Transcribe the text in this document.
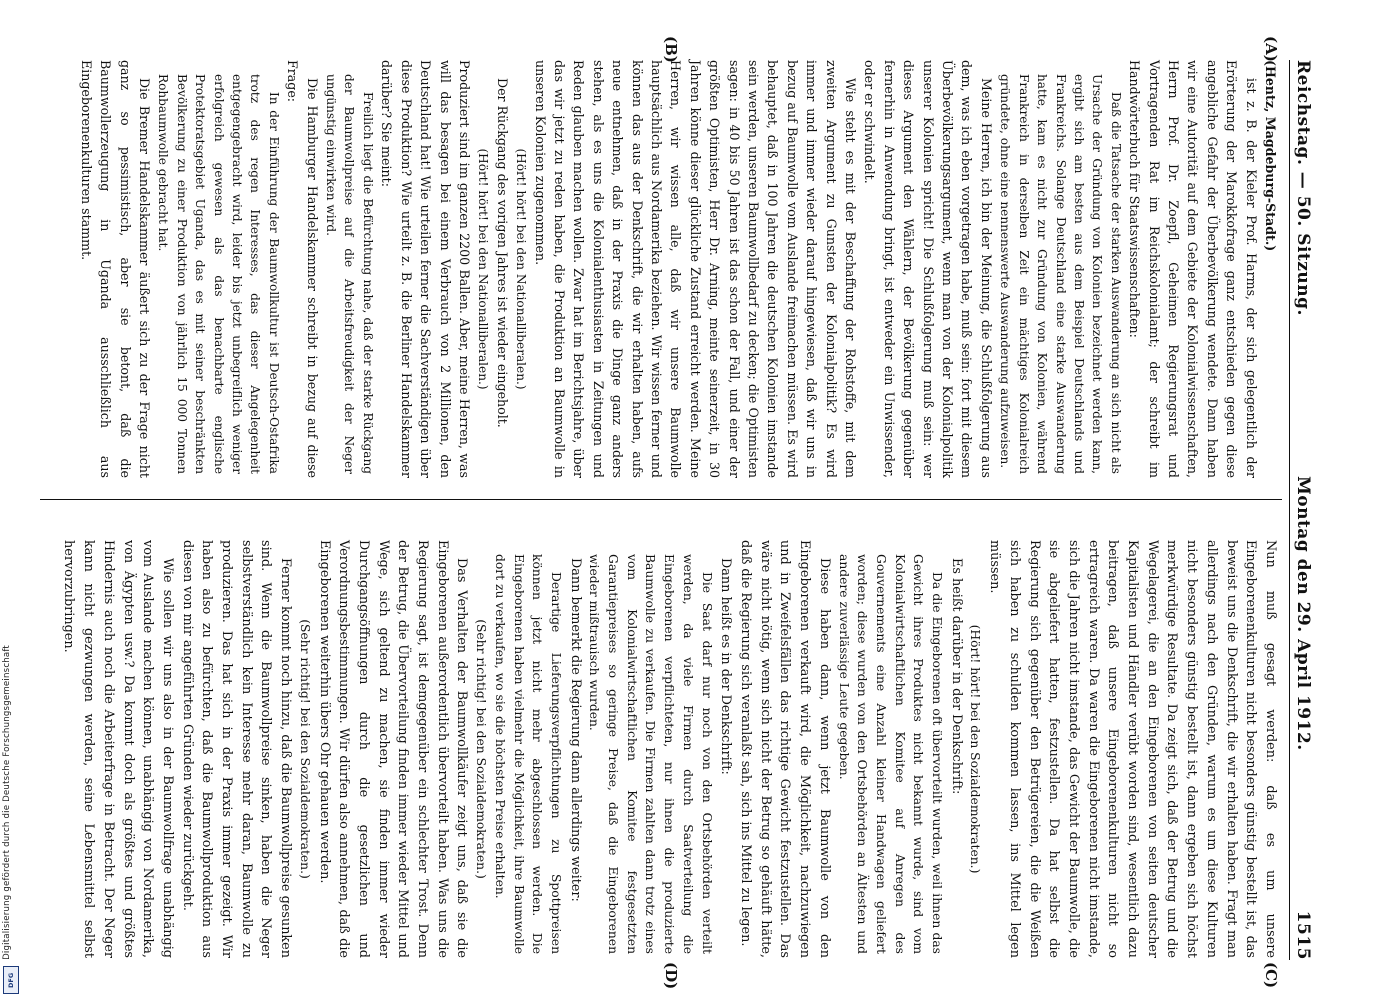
Reichstag. — 50. Sitzung.
Montag den 29. April 1912.
1515
(A)
(B)
(C)
(D)

(Hentz, Magdeburg-Stadt.)

ist z. B. der Kieler Prof. Harms, der sich gelegentlich der Erörterung der Marokkofrage ganz entschieden gegen diese angebliche Gefahr der Überbevölkerung wendete. Dann haben wir eine Autorität auf dem Gebiete der Kolonialwissenschaften, Herrn Prof. Dr. Zoepfl, Geheimen Regierungsrat und Vortragenden Rat im Reichskolonialamt; der schreibt im Handwörterbuch für Staatswissenschaften:

Daß die Tatsache der starken Auswanderung an sich nicht als Ursache der Gründung von Kolonien bezeichnet werden kann, ergibt sich am besten aus dem Beispiel Deutschlands und Frankreichs. Solange Deutschland eine starke Auswanderung hatte, kam es nicht zur Gründung von Kolonien, während Frankreich in derselben Zeit ein mächtiges Kolonialreich gründete, ohne eine nennenswerte Auswanderung aufzuweisen.

Meine Herren, ich bin der Meinung, die Schlußfolgerung aus dem, was ich eben vorgetragen habe, muß sein: fort mit diesem Überbevölkerungsargument, wenn man von der Kolonialpolitik unserer Kolonien spricht! Die Schlußfolgerung muß sein: wer dieses Argument den Wählern, der Bevölkerung gegenüber fernerhin in Anwendung bringt, ist entweder ein Unwissender, oder er schwindelt.

Wie steht es mit der Beschaffung der Rohstoffe, mit dem zweiten Argument zu Gunsten der Kolonialpolitik? Es wird immer und immer wieder darauf hingewiesen, daß wir uns in bezug auf Baumwolle vom Auslande freimachen müssen. Es wird behauptet, daß in 100 Jahren die deutschen Kolonien imstande sein werden, unseren Baumwollbedarf zu decken; die Optimisten sagen: in 40 bis 50 Jahren ist das schon der Fall, und einer der größten Optimisten, Herr Dr. Arning, meinte seinerzeit, in 30 Jahren könne dieser glückliche Zustand erreicht werden. Meine Herren, wir wissen alle, daß wir unsere Baumwolle hauptsächlich aus Nordamerika beziehen. Wir wissen ferner und können das aus der Denkschrift, die wir erhalten haben, aufs neue entnehmen, daß in der Praxis die Dinge ganz anders stehen, als es uns die Kolonialenthusiasten in Zeitungen und Reden glauben machen wollen. Zwar hat im Berichtsjahre, über das wir jetzt zu reden haben, die Produktion an Baumwolle in unseren Kolonien zugenommen.

(Hört! hört! bei den Nationalliberalen.)

Der Rückgang des vorigen Jahres ist wieder eingeholt.

(Hört! hört! bei den Nationalliberalen.)

Produziert sind im ganzen 2200 Ballen. Aber, meine Herren, was will das besagen bei einem Verbrauch von 2 Millionen, den Deutschland hat! Wie urteilen ferner die Sachverständigen über diese Produktion? Wie urteilt z. B. die Berliner Handelskammer darüber? Sie meint:

Freilich liegt die Befürchtung nahe, daß der starke Rückgang der Baumwollpreise auf die Arbeitsfreudigkeit der Neger ungünstig einwirken wird.

Die Hamburger Handelskammer schreibt in bezug auf diese Frage:

In der Einführung der Baumwollkultur ist Deutsch-Ostafrika trotz des regen Interesses, das dieser Angelegenheit entgegengebracht wird, leider bis jetzt unbegreiflich weniger erfolgreich gewesen als das benachbarte englische Protektoratsgebiet Uganda, das es mit seiner beschränkten Bevölkerung zu einer Produktion von jährlich 15 000 Tonnen Rohbaumwolle gebracht hat.

Die Bremer Handelskammer äußert sich zu der Frage nicht ganz so pessimistisch, aber sie betont, daß die Baumwollerzeugung in Uganda ausschließlich aus Eingeborenenkulturen stammt.

Nun muß gesagt werden: daß es um unsere Eingeborenenkulturen nicht besonders günstig bestellt ist, das beweist uns die Denkschrift, die wir erhalten haben. Fragt man allerdings nach den Gründen, warum es um diese Kulturen nicht besonders günstig bestellt ist, dann ergeben sich höchst merkwürdige Resultate. Da zeigt sich, daß der Betrug und die Wegelagerei, die an den Eingeborenen von seiten deutscher Kapitalisten und Händler verübt worden sind, wesentlich dazu beitragen, daß unsere Eingeborenenkulturen nicht so ertragreich waren. Da waren die Eingeborenen nicht imstande, sich die Jahren nicht imstande, das Gewicht der Baumwolle, die sie abgeliefert hatten, festzustellen. Da hat selbst die Regierung sich gegenüber den Betrügereien, die die Weißen sich haben zu schulden kommen lassen, ins Mittel legen müssen.

(Hört! hört! bei den Sozialdemokraten.)

Es heißt darüber in der Denkschrift:

Da die Eingeborenen oft übervorteilt wurden, weil ihnen das Gewicht ihres Produktes nicht bekannt wurde, sind vom Kolonialwirtschaftlichen Komitee auf Anregen des Gouvernements eine Anzahl kleiner Handwagen geliefert worden; diese wurden von den Ortsbehörden an Ältesten und andere zuverlässige Leute gegeben.

Diese haben dann, wenn jetzt Baumwolle von den Eingeborenen verkauft wird, die Möglichkeit, nachzuwiegen und in Zweifelsfällen das richtige Gewicht festzustellen. Das wäre nicht nötig, wenn sich nicht der Betrug so gehäuft hätte, daß die Regierung sich veranlaßt sah, sich ins Mittel zu legen.

Dann heißt es in der Denkschrift:

Die Saat darf nur noch von den Ortsbehörden verteilt werden, da viele Firmen durch Saatverteilung die Eingeborenen verpflichteten, nur ihnen die produzierte Baumwolle zu verkaufen. Die Firmen zahlten dann trotz eines vom Kolonialwirtschaftlichen Komitee festgesetzten Garantiepreises so geringe Preise, daß die Eingeborenen wieder mißtrauisch wurden.

Dann bemerkt die Regierung dann allerdings weiter:

Derartige Lieferungsverpflichtungen zu Spottpreisen können jetzt nicht mehr abgeschlossen werden. Die Eingeborenen haben vielmehr die Möglichkeit, ihre Baumwolle dort zu verkaufen, wo sie die höchsten Preise erhalten.

(Sehr richtig! bei den Sozialdemokraten.)

Das Verhalten der Baumwollkäufer zeigt uns, daß sie die Eingeborenen außerordentlich übervorteilt haben. Was uns die Regierung sagt, ist demgegenüber ein schlechter Trost. Denn der Betrug, die Übervorteilung finden immer wieder Mittel und Wege, sich geltend zu machen, sie finden immer wieder Durchgangsöffnungen durch die gesetzlichen und Verordnungsbestimmungen. Wir dürfen also annehmen, daß die Eingeborenen weiterhin übers Ohr gehauen werden.

(Sehr richtig! bei den Sozialdemokraten.)

Ferner kommt noch hinzu, daß die Baumwollpreise gesunken sind. Wenn die Baumwollpreise sinken, haben die Neger selbstverständlich kein Interesse mehr daran, Baumwolle zu produzieren. Das hat sich in der Praxis immer gezeigt. Wir haben also zu befürchten, daß die Baumwollproduktion aus diesen von mir angeführten Gründen wieder zurückgeht.

Wie sollen wir uns also in der Baumwollfrage unabhängig vom Auslande machen können, unabhängig von Nordamerika, von Ägypten usw.? Da kommt doch als größtes und größtes Hindernis auch noch die Arbeiterfrage in Betracht. Der Neger kann nicht gezwungen werden, seine Lebensmittel selbst hervorzubringen.

Digitalisierung gefördert durch die Deutsche Forschungsgemeinschaft
DFG
